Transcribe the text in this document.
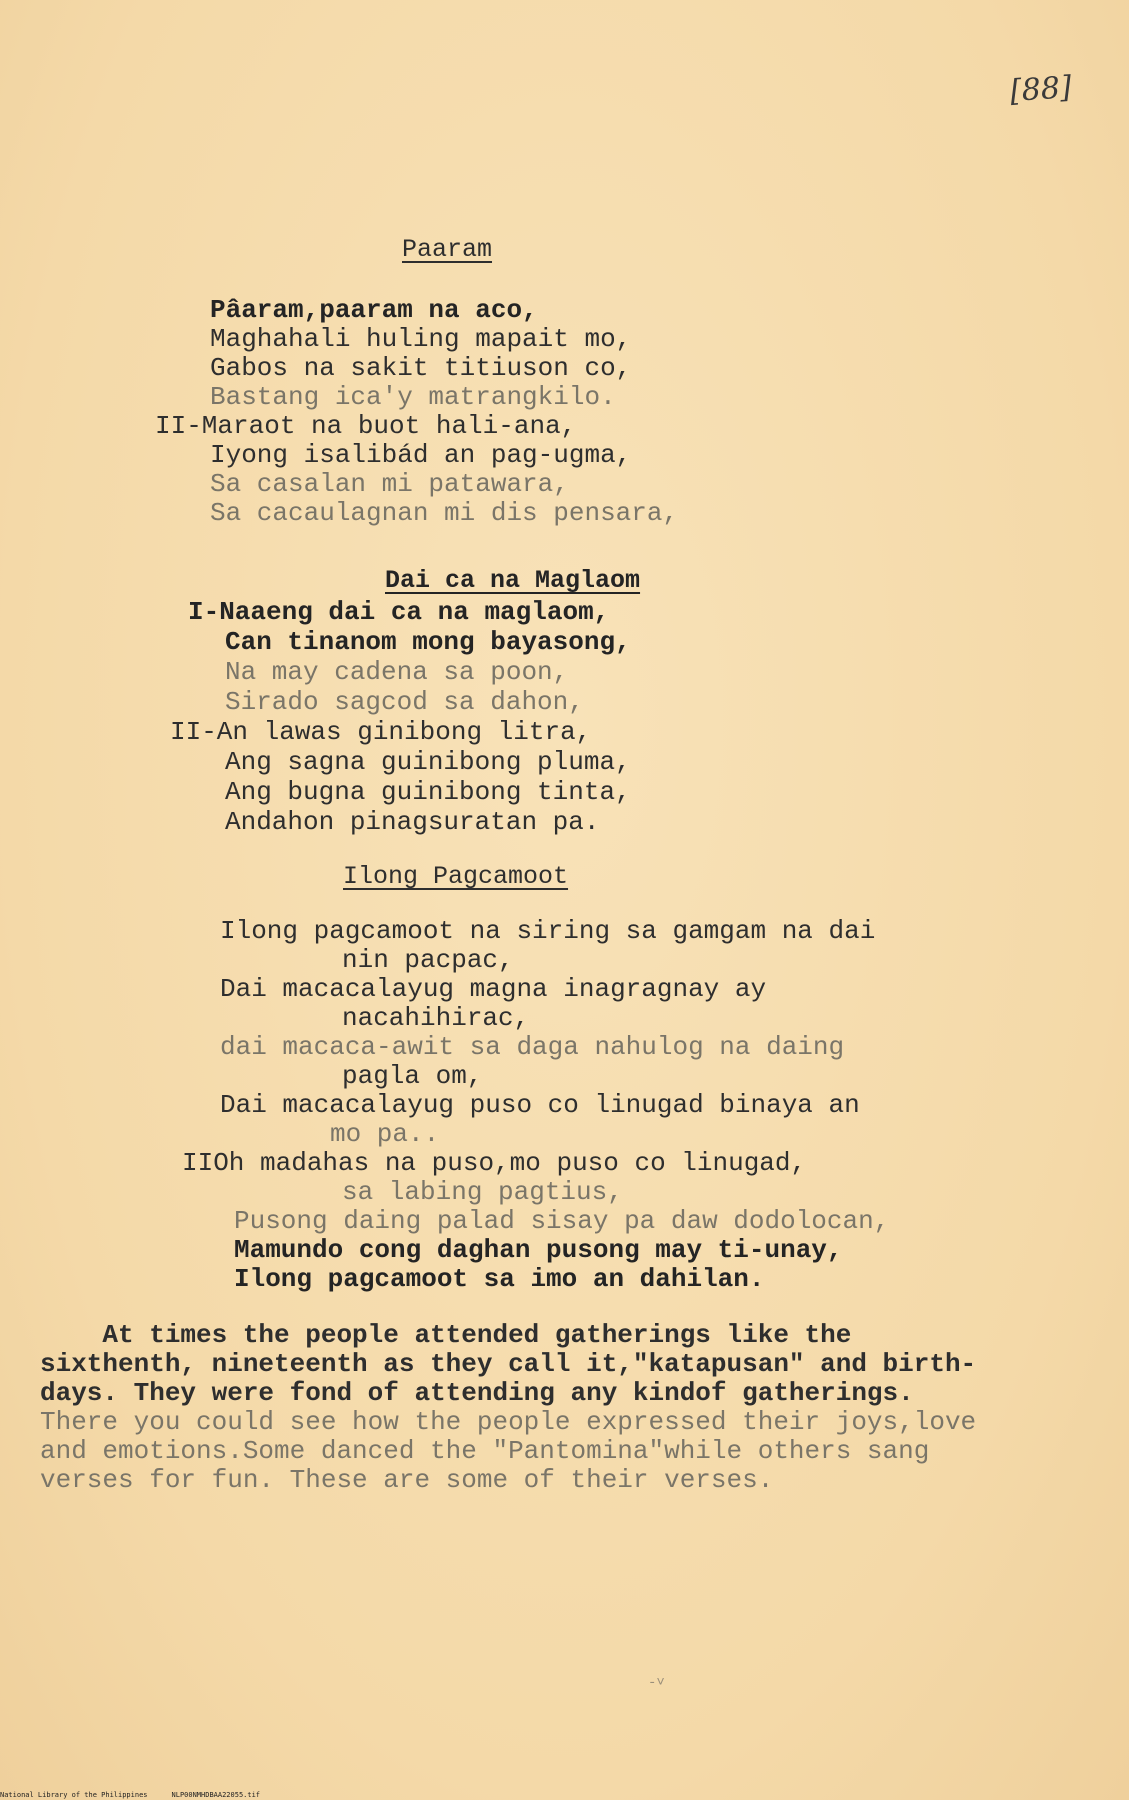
[88]
Paaram
Pâaram,paaram na aco,
Maghahali huling mapait mo,
Gabos na sakit titiuson co,
Bastang ica'y matrangkilo.
II-Maraot na buot hali-ana,
Iyong isalibád an pag-ugma,
Sa casalan mi patawara,
Sa cacaulagnan mi dis pensara,
Dai ca na Maglaom
I-Naaeng dai ca na maglaom,
Can tinanom mong bayasong,
Na may cadena sa poon,
Sirado sagcod sa dahon,
II-An lawas ginibong litra,
Ang sagna guinibong pluma,
Ang bugna guinibong tinta,
Andahon pinagsuratan pa.
Ilong Pagcamoot
Ilong pagcamoot na siring sa gamgam na dai
nin pacpac,
Dai macacalayug magna inagragnay ay
nacahihirac,
dai macaca-awit sa daga nahulog na daing
pagla om,
Dai macacalayug puso co linugad binaya an
mo pa..
IIOh madahas na puso,mo puso co linugad,
sa labing pagtius,
Pusong daing palad sisay pa daw dodolocan,
Mamundo cong daghan pusong may ti-unay,
Ilong pagcamoot sa imo an dahilan.
At times the people attended gatherings like the
sixthenth, nineteenth as they call it,"katapusan" and birth-
days. They were fond of attending any kindof gatherings.
There you could see how the people expressed their joys,love
and emotions.Some danced the "Pantomina"while others sang
verses for fun. These are some of their verses.
-˅
National Library of the Philippines	NLP00NMHDBAA22055.tif
